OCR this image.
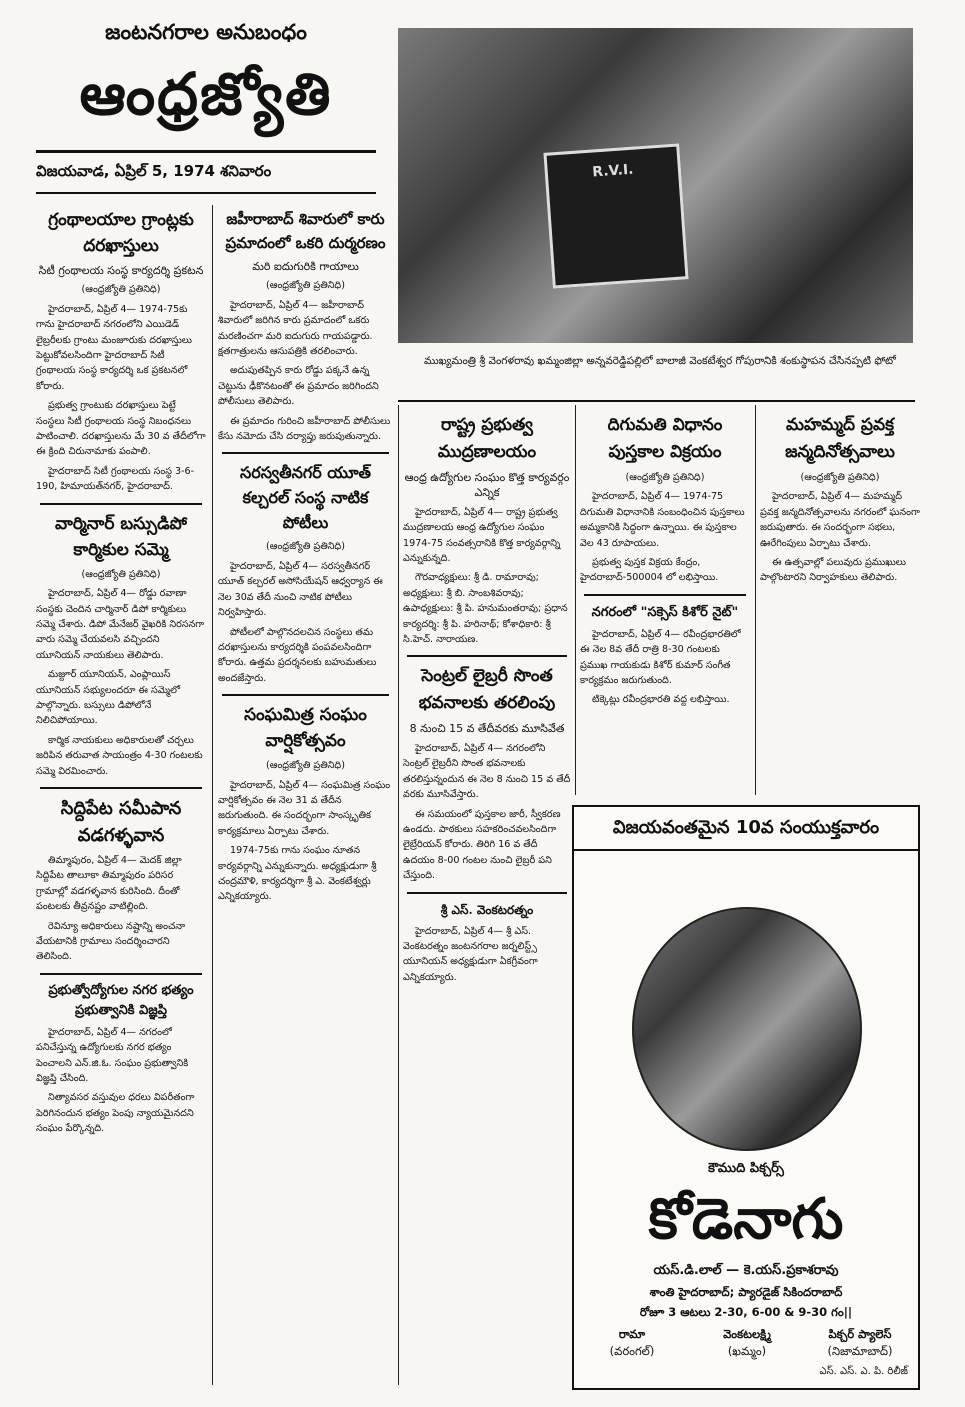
జంటనగరాల అనుబంధం
ఆంధ్రజ్యోతి
విజయవాడ, ఏప్రిల్ 5, 1974 శనివారం	R.V.I.
ముఖ్యమంత్రి శ్రీ వెంగళరావు ఖమ్మంజిల్లా అన్నవరెడ్డిపల్లిలో బాలాజీ వెంకటేశ్వర గోపురానికి శంకుస్థాపన చేసినప్పటి ఫోటో
గ్రంథాలయాల గ్రాంట్లకు దరఖాస్తులు
సిటీ గ్రంథాలయ సంస్థ కార్యదర్శి ప్రకటన
(ఆంధ్రజ్యోతి ప్రతినిధి)

హైదరాబాద్, ఏప్రిల్ 4— 1974-75కు గాను హైదరాబాద్ నగరంలోని ఎయిడెడ్ లైబ్రరీలకు గ్రాంటు మంజూరుకు దరఖాస్తులు పెట్టుకోవలసిందిగా హైదరాబాద్ సిటీ గ్రంథాలయ సంస్థ కార్యదర్శి ఒక ప్రకటనలో కోరారు.

ప్రభుత్వ గ్రాంటుకు దరఖాస్తులు పెట్టే సంస్థలు సిటీ గ్రంథాలయ సంస్థ నిబంధనలు పాటించాలి. దరఖాస్తులను మే 30 వ తేదీలోగా ఈ క్రింది చిరునామాకు పంపాలి.

హైదరాబాద్ సిటీ గ్రంథాలయ సంస్థ 3-6-190, హిమాయత్‌నగర్, హైదరాబాద్.

వార్మినార్ బస్సుడిపో కార్మికుల సమ్మె
(ఆంధ్రజ్యోతి ప్రతినిధి)

హైదరాబాద్, ఏప్రిల్ 4— రోడ్డు రవాణా సంస్థకు చెందిన చార్మినార్ డిపో కార్మికులు సమ్మె చేశారు. డిపో మేనేజర్ వైఖరికి నిరసనగా వారు సమ్మె చేయవలసి వచ్చిందని యూనియన్ నాయకులు తెలిపారు.

మజ్దూర్ యూనియన్, ఎంప్లాయిస్ యూనియన్ సభ్యులందరూ ఈ సమ్మెలో పాల్గొన్నారు. బస్సులు డిపోలోనే నిలిచిపోయాయి.

కార్మిక నాయకులు అధికారులతో చర్చలు జరిపిన తరువాత సాయంత్రం 4-30 గంటలకు సమ్మె విరమించారు.

సిద్దిపేట సమీపాన వడగళ్ళవాన

తిమ్మాపురం, ఏప్రిల్ 4— మెదక్ జిల్లా సిద్దిపేట తాలూకా తిమ్మాపురం పరిసర గ్రామాల్లో వడగళ్ళవాన కురిసింది. దీంతో పంటలకు తీవ్రనష్టం వాటిల్లింది.

రెవిన్యూ అధికారులు నష్టాన్ని అంచనా వేయటానికి గ్రామాలు సందర్శించారని తెలిసింది.

ప్రభుత్వోద్యోగుల నగర భత్యం ప్రభుత్వానికి విజ్ఞప్తి

హైదరాబాద్, ఏప్రిల్ 4— నగరంలో పనిచేస్తున్న ఉద్యోగులకు నగర భత్యం పెంచాలని ఎన్.జి.ఓ. సంఘం ప్రభుత్వానికి విజ్ఞప్తి చేసింది.

నిత్యావసర వస్తువుల ధరలు విపరీతంగా పెరిగినందున భత్యం పెంపు న్యాయమైనదని సంఘం పేర్కొన్నది.

జహీరాబాద్ శివారులో కారు ప్రమాదంలో ఒకరి దుర్మరణం
మరి ఐదుగురికి గాయాలు
(ఆంధ్రజ్యోతి ప్రతినిధి)

హైదరాబాద్, ఏప్రిల్ 4— జహీరాబాద్ శివారులో జరిగిన కారు ప్రమాదంలో ఒకరు మరణించగా మరి ఐదుగురు గాయపడ్డారు. క్షతగాత్రులను ఆసుపత్రికి తరలించారు.

అదుపుతప్పిన కారు రోడ్డు పక్కనే ఉన్న చెట్టును ఢీకొనటంతో ఈ ప్రమాదం జరిగిందని పోలీసులు తెలిపారు.

ఈ ప్రమాదం గురించి జహీరాబాద్ పోలీసులు కేసు నమోదు చేసి దర్యాప్తు జరుపుతున్నారు.

సరస్వతీనగర్ యూత్ కల్చరల్ సంస్థ నాటిక పోటీలు
(ఆంధ్రజ్యోతి ప్రతినిధి)

హైదరాబాద్, ఏప్రిల్ 4— సరస్వతీనగర్ యూత్ కల్చరల్ అసోసియేషన్ ఆధ్వర్యాన ఈ నెల 30వ తేదీ నుంచి నాటిక పోటీలు నిర్వహిస్తారు.

పోటీలలో పాల్గొనదలచిన సంస్థలు తమ దరఖాస్తులను కార్యదర్శికి పంపవలసిందిగా కోరారు. ఉత్తమ ప్రదర్శనలకు బహుమతులు అందజేస్తారు.

సంఘమిత్ర సంఘం వార్షికోత్సవం
(ఆంధ్రజ్యోతి ప్రతినిధి)

హైదరాబాద్, ఏప్రిల్ 4— సంఘమిత్ర సంఘం వార్షికోత్సవం ఈ నెల 31 వ తేదీన జరుగుతుంది. ఈ సందర్భంగా సాంస్కృతిక కార్యక్రమాలు ఏర్పాటు చేశారు.

1974-75కు గాను సంఘం నూతన కార్యవర్గాన్ని ఎన్నుకున్నారు. అధ్యక్షుడుగా శ్రీ చంద్రమౌళి, కార్యదర్శిగా శ్రీ ఎ. వెంకటేశ్వర్లు ఎన్నికయ్యారు.

రాష్ట్ర ప్రభుత్వ ముద్రణాలయం
ఆంధ్ర ఉద్యోగుల సంఘం కొత్త కార్యవర్గం ఎన్నిక

హైదరాబాద్, ఏప్రిల్ 4— రాష్ట్ర ప్రభుత్వ ముద్రణాలయ ఆంధ్ర ఉద్యోగుల సంఘం 1974-75 సంవత్సరానికి కొత్త కార్యవర్గాన్ని ఎన్నుకున్నది.

గౌరవాధ్యక్షులు: శ్రీ డి. రామారావు; అధ్యక్షులు: శ్రీ బి. సాంబశివరావు; ఉపాధ్యక్షులు: శ్రీ పి. హనుమంతరావు; ప్రధాన కార్యదర్శి: శ్రీ పి. హరినాథ్; కోశాధికారి: శ్రీ సి.హెచ్. నారాయణ.

సెంట్రల్ లైబ్రరీ సొంత భవనాలకు తరలింపు
8 నుంచి 15 వ తేదీవరకు మూసివేత

హైదరాబాద్, ఏప్రిల్ 4— నగరంలోని సెంట్రల్ లైబ్రరీని సొంత భవనాలకు తరలిస్తున్నందున ఈ నెల 8 నుంచి 15 వ తేదీ వరకు మూసివేస్తారు.

ఈ సమయంలో పుస్తకాల జారీ, స్వీకరణ ఉండదు. పాఠకులు సహకరించవలసిందిగా లైబ్రేరియన్ కోరారు. తిరిగి 16 వ తేదీ ఉదయం 8-00 గంటల నుంచి లైబ్రరీ పని చేస్తుంది.

శ్రీ ఎస్. వెంకటరత్నం

హైదరాబాద్, ఏప్రిల్ 4— శ్రీ ఎస్. వెంకటరత్నం జంటనగరాల జర్నలిస్ట్స్ యూనియన్ అధ్యక్షుడుగా ఏకగ్రీవంగా ఎన్నికయ్యారు.

దిగుమతి విధానం పుస్తకాల విక్రయం
(ఆంధ్రజ్యోతి ప్రతినిధి)

హైదరాబాద్, ఏప్రిల్ 4— 1974-75 దిగుమతి విధానానికి సంబంధించిన పుస్తకాలు అమ్మకానికి సిద్ధంగా ఉన్నాయి. ఈ పుస్తకాల వెల 43 రూపాయలు.

ప్రభుత్వ పుస్తక విక్రయ కేంద్రం, హైదరాబాద్-500004 లో లభిస్తాయి.

నగరంలో "సక్సెస్ కిశోర్ నైట్"

హైదరాబాద్, ఏప్రిల్ 4— రవీంద్రభారతిలో ఈ నెల 8వ తేదీ రాత్రి 8-30 గంటలకు ప్రముఖ గాయకుడు కిశోర్ కుమార్ సంగీత కార్యక్రమం జరుగుతుంది.

టిక్కెట్లు రవీంద్రభారతి వద్ద లభిస్తాయి.

మహమ్మద్ ప్రవక్త జన్మదినోత్సవాలు
(ఆంధ్రజ్యోతి ప్రతినిధి)

హైదరాబాద్, ఏప్రిల్ 4— మహమ్మద్ ప్రవక్త జన్మదినోత్సవాలను నగరంలో ఘనంగా జరుపుతారు. ఈ సందర్భంగా సభలు, ఊరేగింపులు ఏర్పాటు చేశారు.

ఈ ఉత్సవాల్లో పలువురు ప్రముఖులు పాల్గొంటారని నిర్వాహకులు తెలిపారు.

విజయవంతమైన 10వ సంయుక్తవారం
కౌముది పిక్చర్స్
కోడెనాగు
యస్.డి.లాల్ — కె.యస్.ప్రకాశరావు
శాంతి హైదరాబాద్; ప్యారడైజ్ సికిందరాబాద్
రోజూ 3 ఆటలు 2-30, 6-00 & 9-30 గం||
రామా
(వరంగల్)
వెంకటలక్ష్మి
(ఖమ్మం)
పిక్చర్ ప్యాలెస్
(నిజామాబాద్)
ఎస్. ఎస్. ఎ. పి. రిలీజ్
